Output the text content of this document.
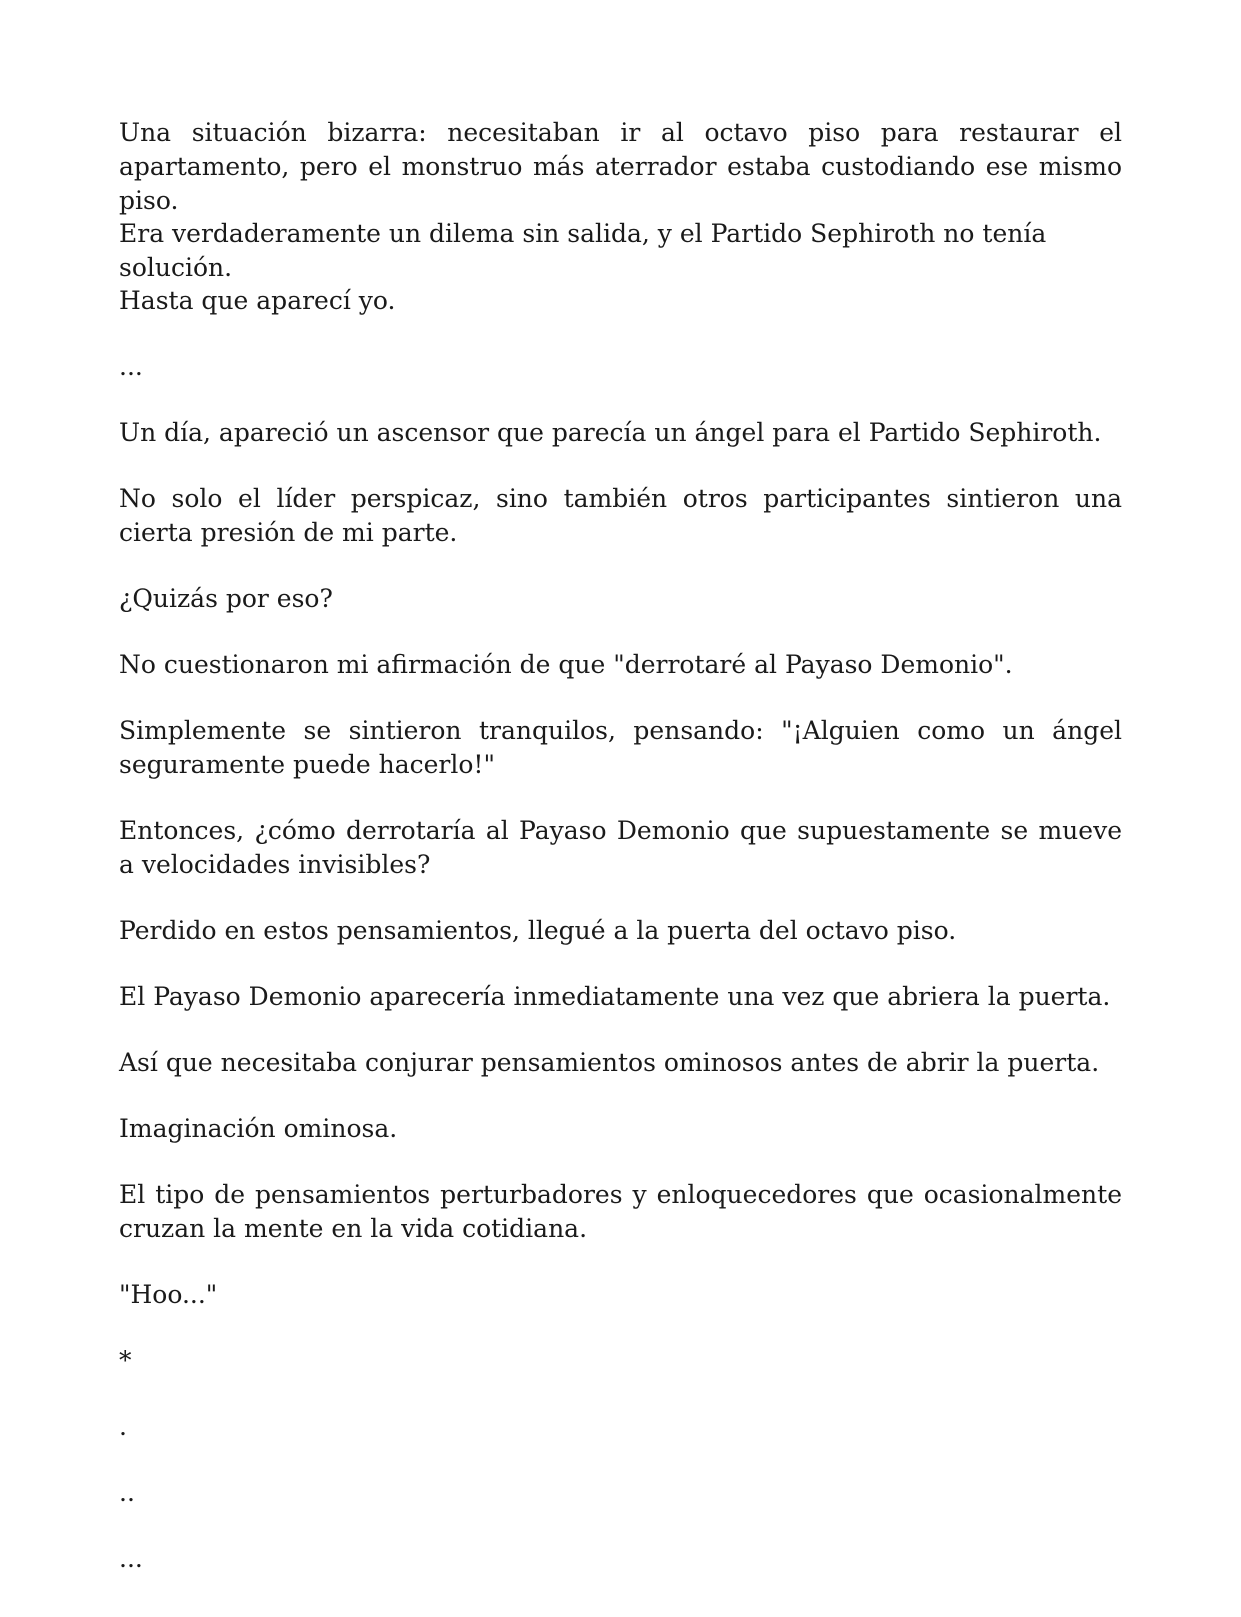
Una situación bizarra: necesitaban ir al octavo piso para restaurar el apartamento, pero el monstruo más aterrador estaba custodiando ese mismo piso.

Era verdaderamente un dilema sin salida, y el Partido Sephiroth no tenía solución.

Hasta que aparecí yo.

...

Un día, apareció un ascensor que parecía un ángel para el Partido Sephiroth.

No solo el líder perspicaz, sino también otros participantes sintieron una cierta presión de mi parte.

¿Quizás por eso?

No cuestionaron mi afirmación de que "derrotaré al Payaso Demonio".

Simplemente se sintieron tranquilos, pensando: "¡Alguien como un ángel seguramente puede hacerlo!"

Entonces, ¿cómo derrotaría al Payaso Demonio que supuestamente se mueve a velocidades invisibles?

Perdido en estos pensamientos, llegué a la puerta del octavo piso.

El Payaso Demonio aparecería inmediatamente una vez que abriera la puerta.

Así que necesitaba conjurar pensamientos ominosos antes de abrir la puerta.

Imaginación ominosa.

El tipo de pensamientos perturbadores y enloquecedores que ocasionalmente cruzan la mente en la vida cotidiana.

"Hoo..."

*

.

..

...
